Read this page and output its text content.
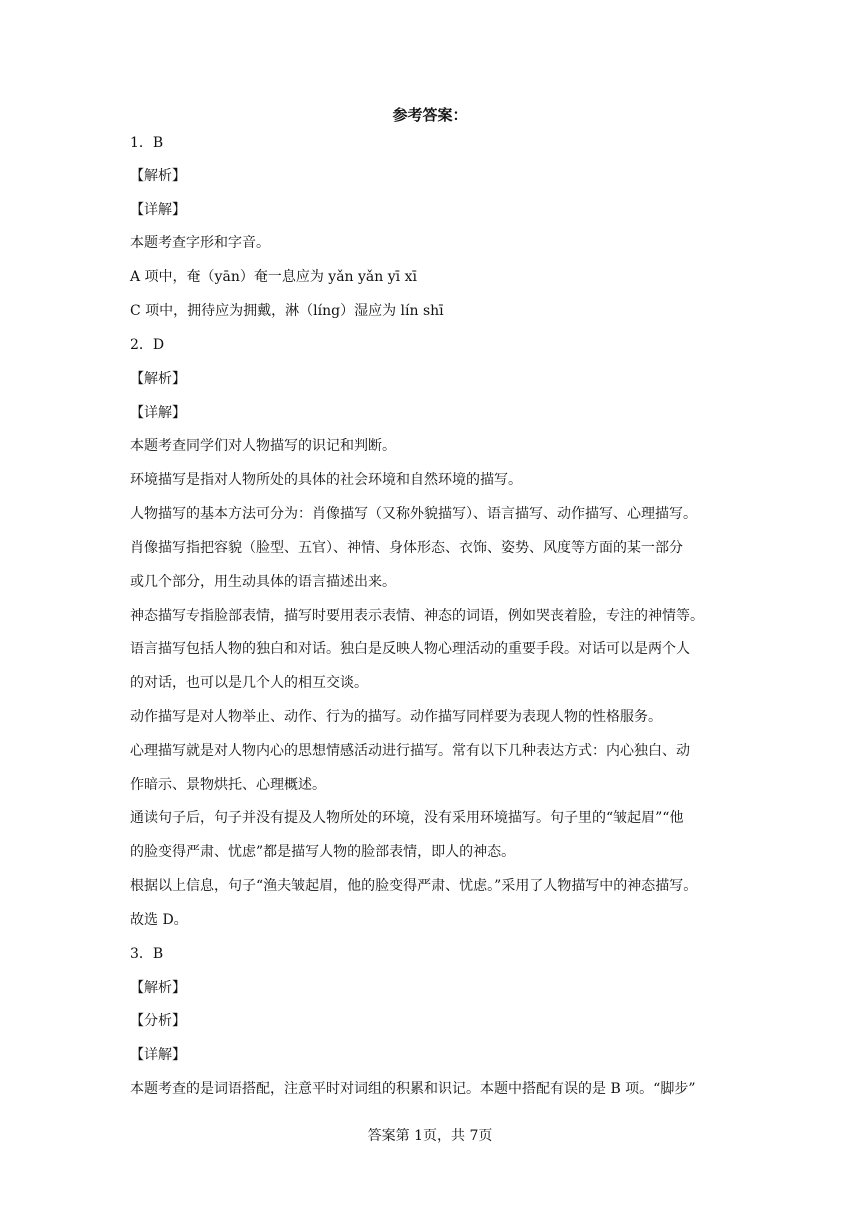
参考答案：
1．B
【解析】
【详解】
本题考查字形和字音。
A 项中，奄（yān）奄一息应为 yǎn yǎn yī xī
C 项中，拥待应为拥戴，淋（líng）湿应为 lín shī
2．D
【解析】
【详解】
本题考查同学们对人物描写的识记和判断。
环境描写是指对人物所处的具体的社会环境和自然环境的描写。
人物描写的基本方法可分为：肖像描写（又称外貌描写）、语言描写、动作描写、心理描写。
肖像描写指把容貌（脸型、五官）、神情、身体形态、衣饰、姿势、风度等方面的某一部分
或几个部分，用生动具体的语言描述出来。
神态描写专指脸部表情，描写时要用表示表情、神态的词语，例如哭丧着脸，专注的神情等。
语言描写包括人物的独白和对话。独白是反映人物心理活动的重要手段。对话可以是两个人
的对话，也可以是几个人的相互交谈。
动作描写是对人物举止、动作、行为的描写。动作描写同样要为表现人物的性格服务。
心理描写就是对人物内心的思想情感活动进行描写。常有以下几种表达方式：内心独白、动
作暗示、景物烘托、心理概述。
通读句子后，句子并没有提及人物所处的环境，没有采用环境描写。句子里的“皱起眉”“他
的脸变得严肃、忧虑”都是描写人物的脸部表情，即人的神态。
根据以上信息，句子“渔夫皱起眉，他的脸变得严肃、忧虑。”采用了人物描写中的神态描写。
故选 D。
3．B
【解析】
【分析】
【详解】
本题考查的是词语搭配，注意平时对词组的积累和识记。本题中搭配有误的是 B 项。“脚步”
答案第 1页，共 7页
